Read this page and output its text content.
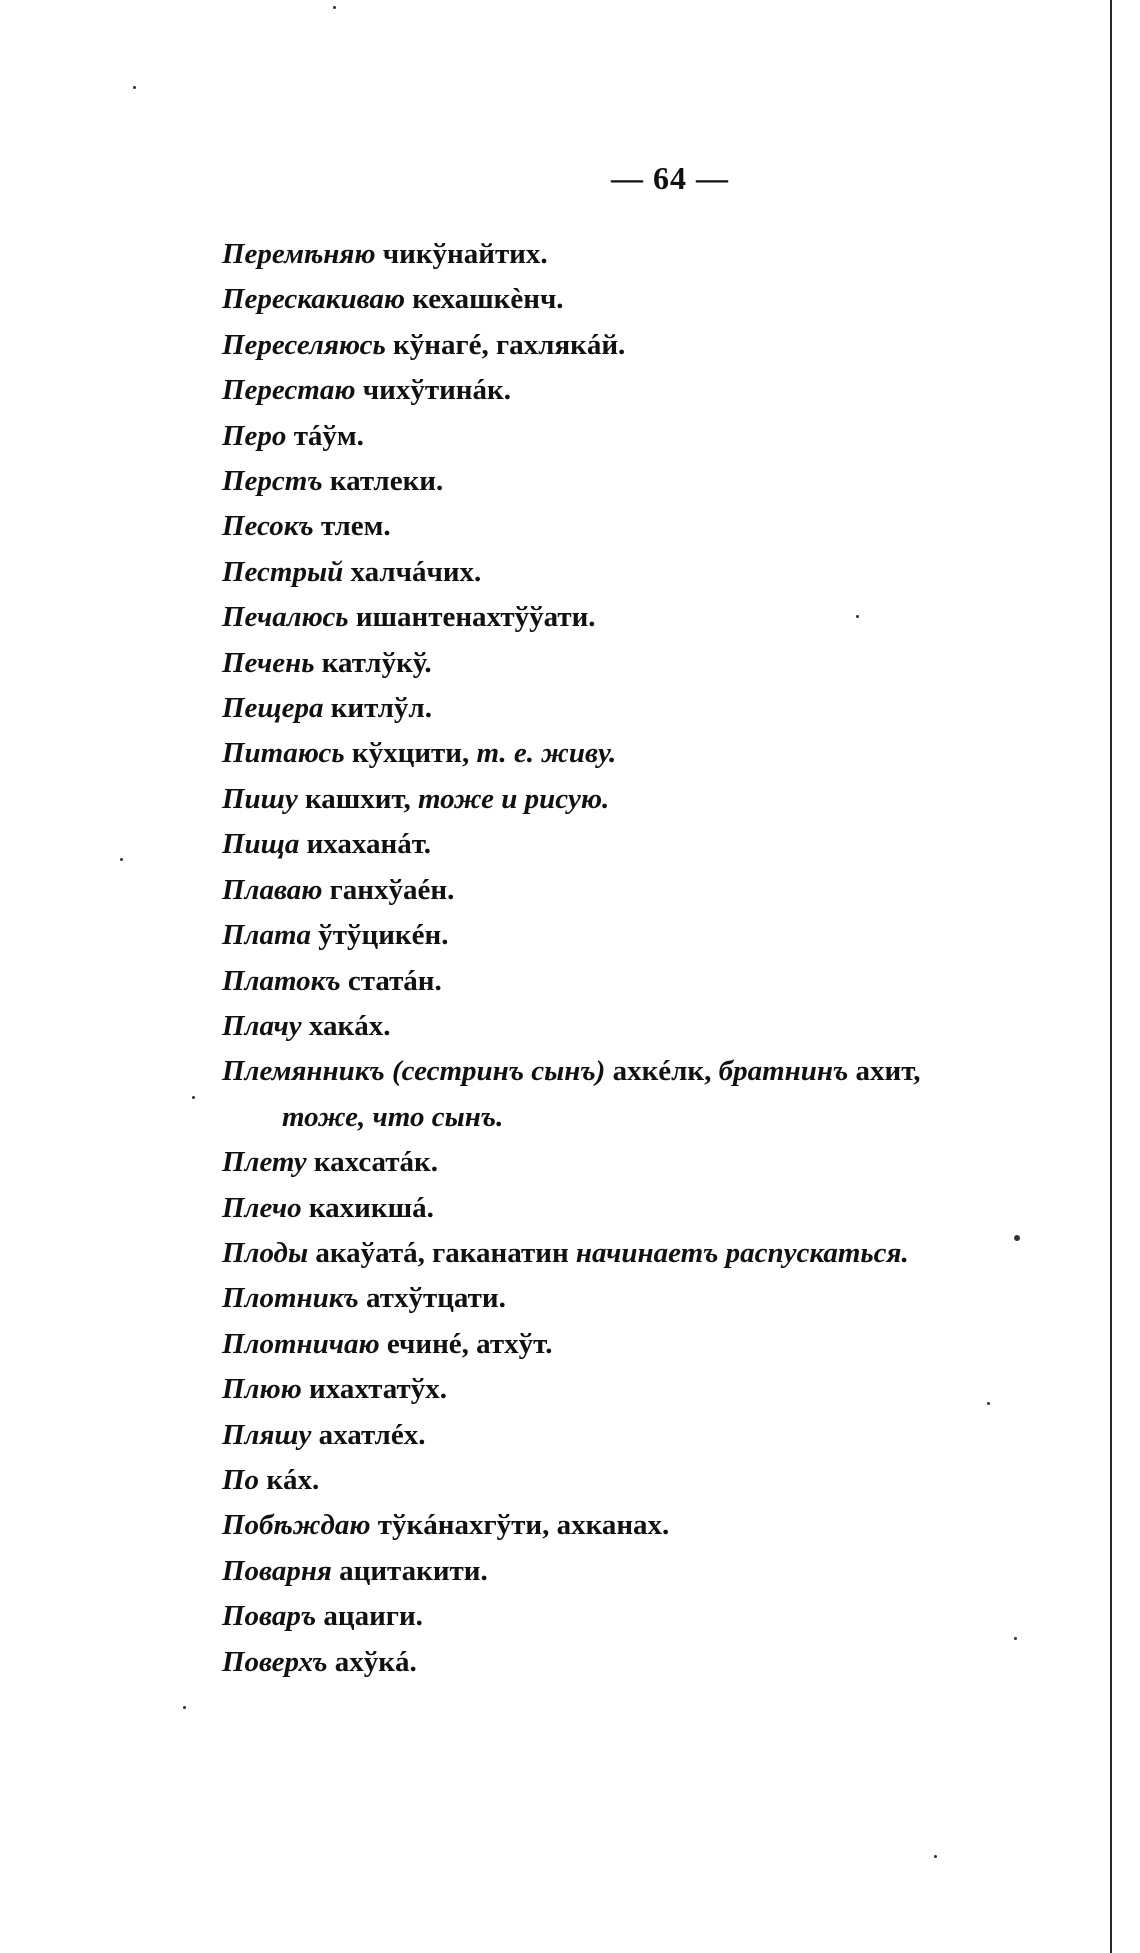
— 64 —
Перемѣняю чикўнайтих.
Перескакиваю кехашкѐнч.
Переселяюсь кўнагé, гахлякáй.
Перестаю чихўтинáк.
Перо тáўм.
Перстъ катлеки.
Песокъ тлем.
Пестрый халчáчих.
Печалюсь ишантенахтўўати.
Печень катлўкў.
Пещера китлўл.
Питаюсь кўхцити, т. е. живу.
Пишу кашхит, тоже и рисую.
Пища ихаханáт.
Плаваю ганхўаéн.
Плата ўтўцикéн.
Платокъ статáн.
Плачу хакáх.
Племянникъ (сестринъ сынъ) ахкéлк, братнинъ ахит,
тоже, что сынъ.
Плету кахсатáк.
Плечо кахикшá.
Плоды акаўатá, гаканатин начинаетъ распускаться.
Плотникъ атхўтцати.
Плотничаю ечинé, атхўт.
Плюю ихахтатўх.
Пляшу ахатлéх.
По кáх.
Побѣждаю тўкáнахгўти, ахканах.
Поварня ацитакити.
Поваръ ацаиги.
Поверхъ ахўкá.
